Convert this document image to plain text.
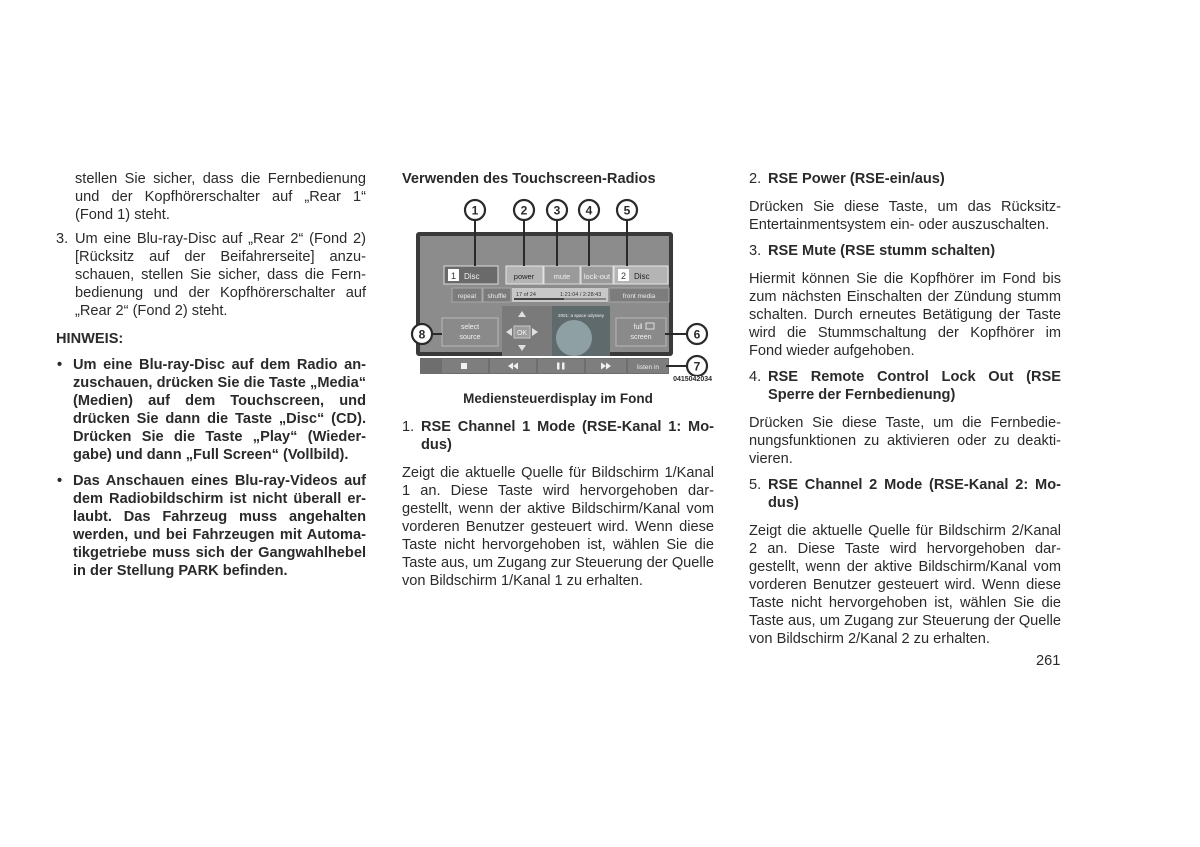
stellen Sie sicher, dass die Fernbedienung und der Kopfhörerschalter auf „Rear 1“ (Fond 1) steht.

3. Um eine Blu-ray-Disc auf „Rear 2“ (Fond 2) [Rücksitz auf der Beifahrerseite] anzuschauen, stellen Sie sicher, dass die Fernbedienung und der Kopfhörerschalter auf „Rear 2“ (Fond 2) steht.

HINWEIS:

• Um eine Blu-ray-Disc auf dem Radio anzuschauen, drücken Sie die Taste „Media“ (Medien) auf dem Touchscreen, und drücken Sie dann die Taste „Disc“ (CD). Drücken Sie die Taste „Play“ (Wiedergabe) und dann „Full Screen“ (Vollbild).

• Das Anschauen eines Blu-ray-Videos auf dem Radiobildschirm ist nicht überall erlaubt. Das Fahrzeug muss angehalten werden, und bei Fahrzeugen mit Automatikgetriebe muss sich der Gangwahlhebel in der Stellung PARK befinden.

Verwenden des Touchscreen-Radios

1 Disc	power	mute lock-out 2 Disc
repeat shuffle 17 of 24	1:21:04 / 2:28:43	front media
select
source
OK
2001: a space odyssey
full
screen
listen in
1	2 3 4	5
6
7
8
0415042034

Mediensteuerdisplay im Fond

1. RSE Channel 1 Mode (RSE-Kanal 1: Modus)

Zeigt die aktuelle Quelle für Bildschirm 1/Kanal 1 an. Diese Taste wird hervorgehoben dargestellt, wenn der aktive Bildschirm/Kanal vom vorderen Benutzer gesteuert wird. Wenn diese Taste nicht hervorgehoben ist, wählen Sie die Taste aus, um Zugang zur Steuerung der Quelle von Bildschirm 1/Kanal 1 zu erhalten.

2. RSE Power (RSE-ein/aus)

Drücken Sie diese Taste, um das Rücksitz-Entertainmentsystem ein- oder auszuschalten.

3. RSE Mute (RSE stumm schalten)

Hiermit können Sie die Kopfhörer im Fond bis zum nächsten Einschalten der Zündung stumm schalten. Durch erneutes Betätigung der Taste wird die Stummschaltung der Kopfhörer im Fond wieder aufgehoben.

4. RSE Remote Control Lock Out (RSE Sperre der Fernbedienung)

Drücken Sie diese Taste, um die Fernbedienungsfunktionen zu aktivieren oder zu deaktivieren.

5. RSE Channel 2 Mode (RSE-Kanal 2: Modus)

Zeigt die aktuelle Quelle für Bildschirm 2/Kanal 2 an. Diese Taste wird hervorgehoben dargestellt, wenn der aktive Bildschirm/Kanal vom vorderen Benutzer gesteuert wird. Wenn diese Taste nicht hervorgehoben ist, wählen Sie die Taste aus, um Zugang zur Steuerung der Quelle von Bildschirm 2/Kanal 2 zu erhalten.

261
